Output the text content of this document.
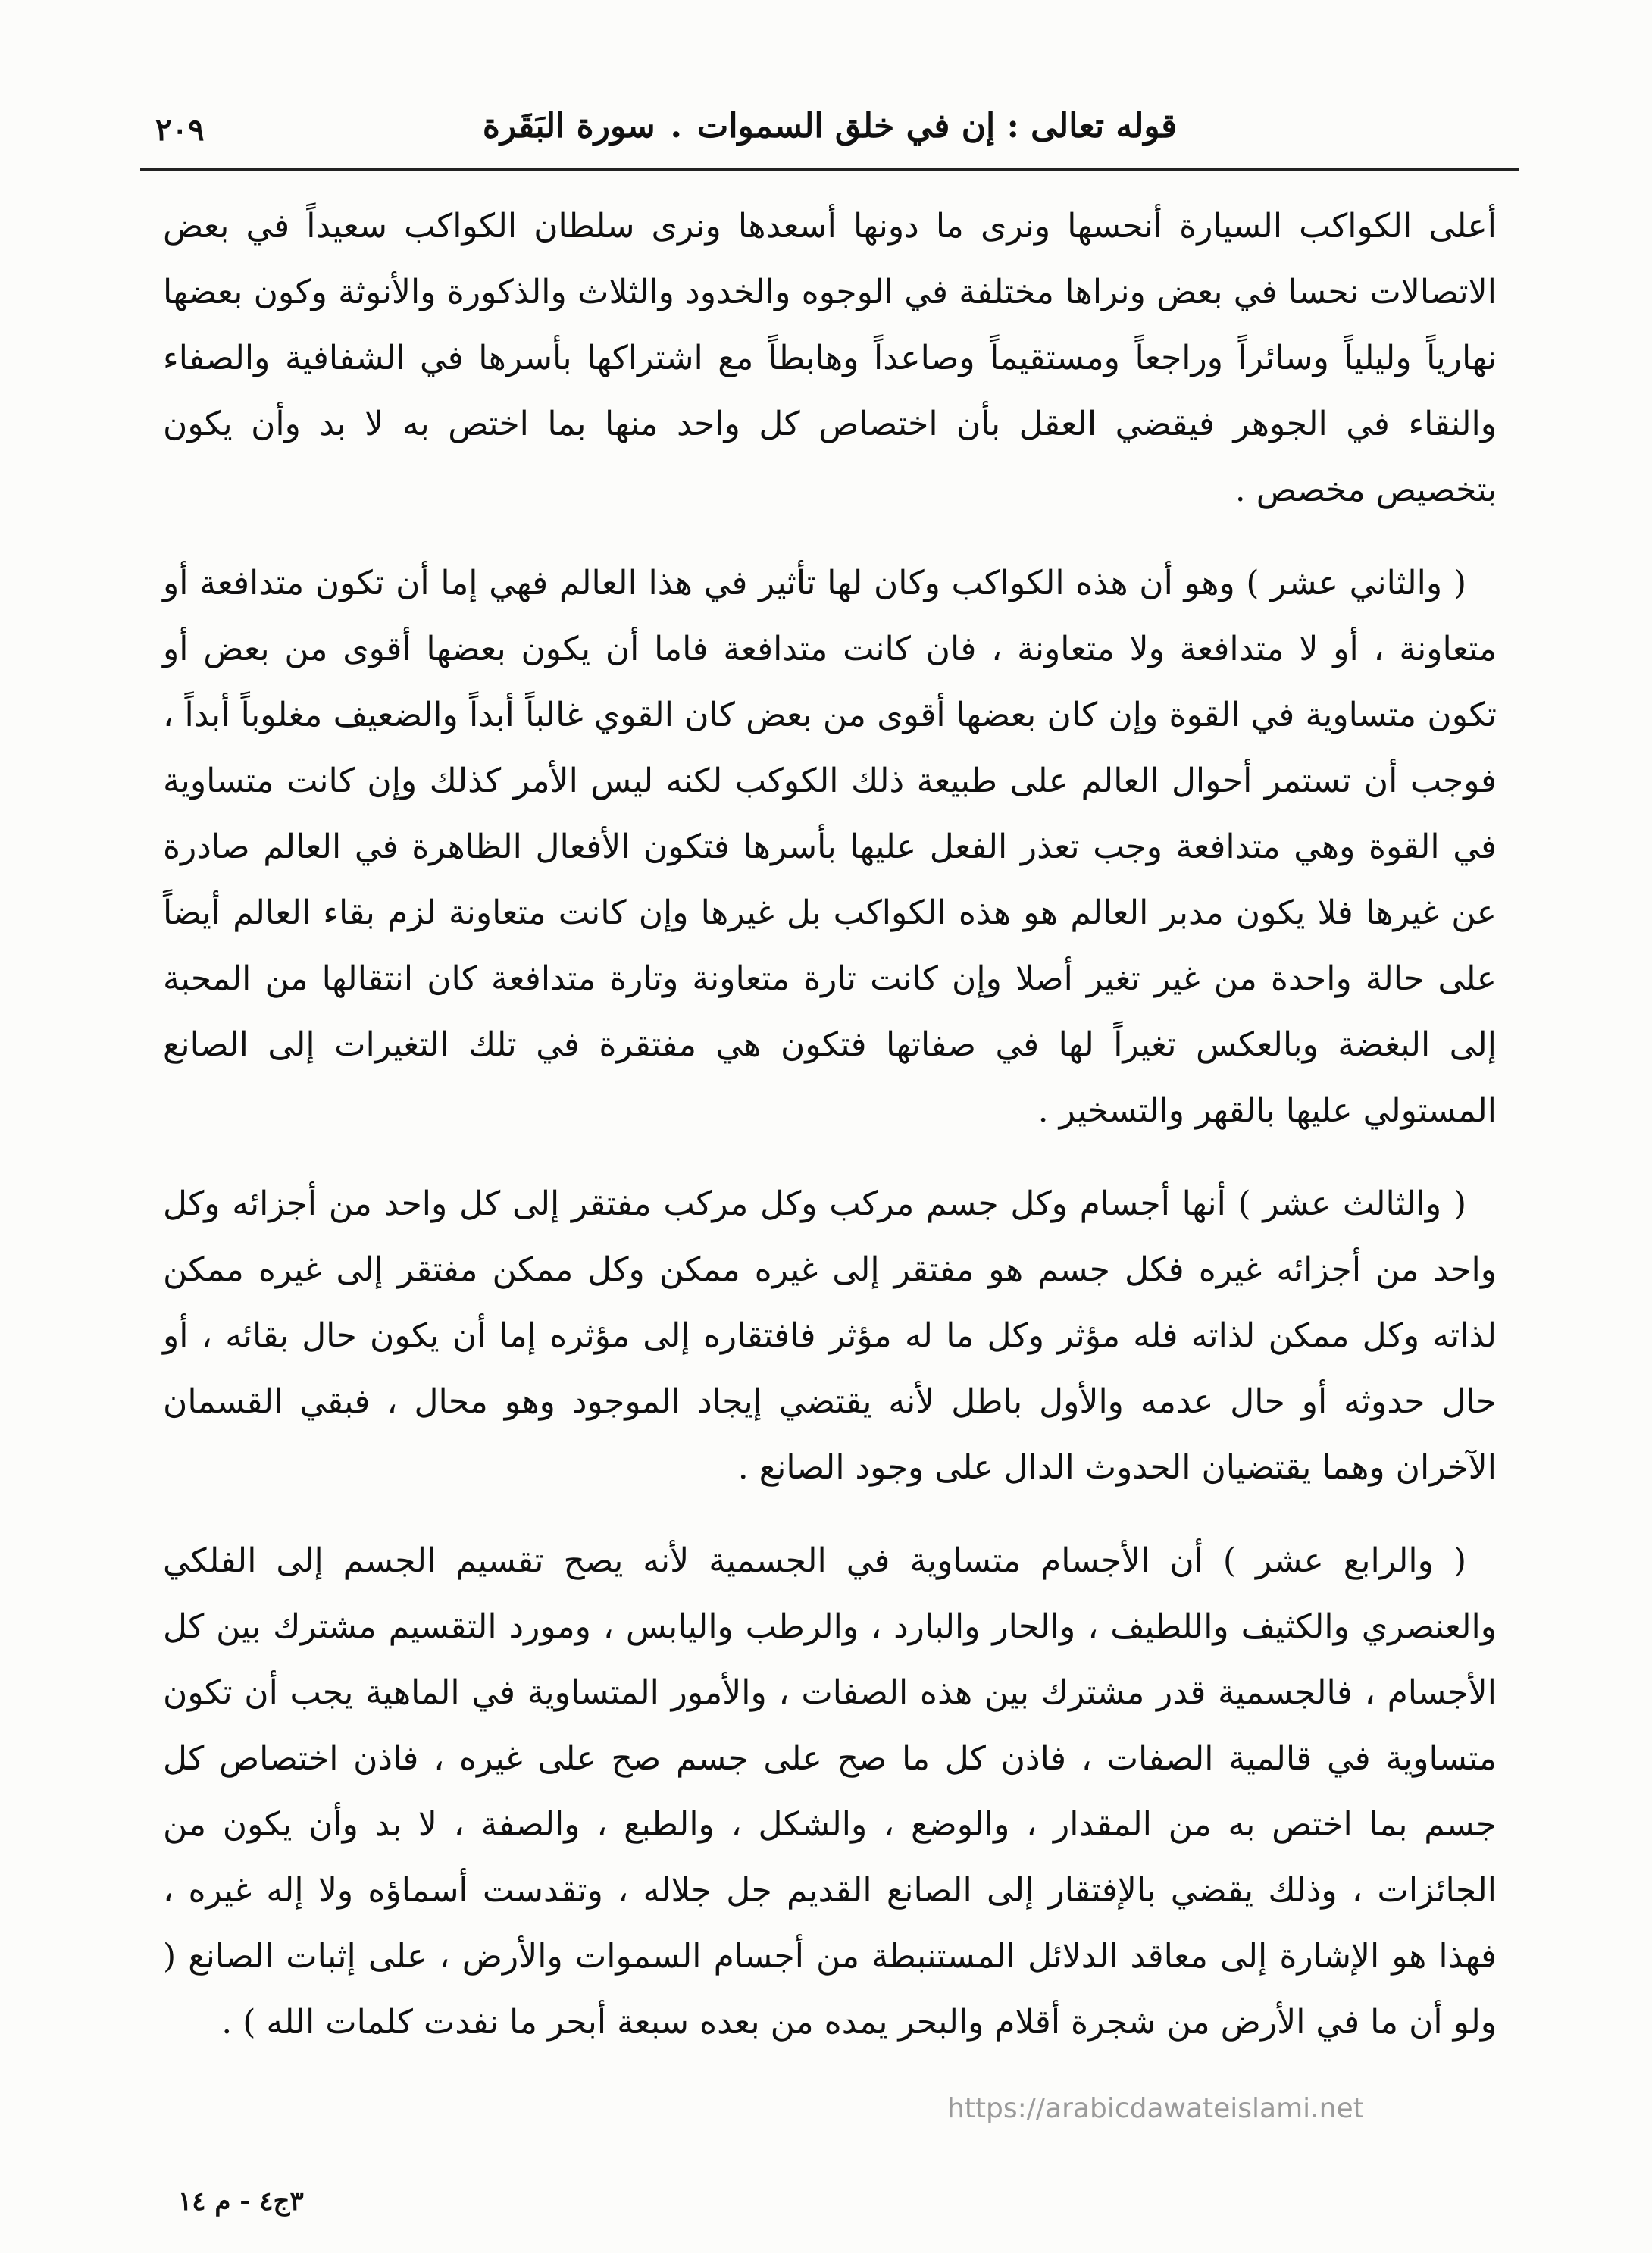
قوله تعالى : إن في خلق السموات.سورة البَقَرة
٢٠٩

أعلى الكواكب السيارة أنحسها ونرى ما دونها أسعدها ونرى سلطان الكواكب سعيداً في بعض الاتصالات نحسا في بعض ونراها مختلفة في الوجوه والخدود والثلاث والذكورة والأنوثة وكون بعضها نهارياً وليلياً وسائراً وراجعاً ومستقيماً وصاعداً وهابطاً مع اشتراكها بأسرها في الشفافية والصفاء والنقاء في الجوهر فيقضي العقل بأن اختصاص كل واحد منها بما اختص به لا بد وأن يكون بتخصيص مخصص .

( والثاني عشر ) وهو أن هذه الكواكب وكان لها تأثير في هذا العالم فهي إما أن تكون متدافعة أو متعاونة ، أو لا متدافعة ولا متعاونة ، فان كانت متدافعة فاما أن يكون بعضها أقوى من بعض أو تكون متساوية في القوة وإن كان بعضها أقوى من بعض كان القوي غالباً أبداً والضعيف مغلوباً أبداً ، فوجب أن تستمر أحوال العالم على طبيعة ذلك الكوكب لكنه ليس الأمر كذلك وإن كانت متساوية في القوة وهي متدافعة وجب تعذر الفعل عليها بأسرها فتكون الأفعال الظاهرة في العالم صادرة عن غيرها فلا يكون مدبر العالم هو هذه الكواكب بل غيرها وإن كانت متعاونة لزم بقاء العالم أيضاً على حالة واحدة من غير تغير أصلا وإن كانت تارة متعاونة وتارة متدافعة كان انتقالها من المحبة إلى البغضة وبالعكس تغيراً لها في صفاتها فتكون هي مفتقرة في تلك التغيرات إلى الصانع المستولي عليها بالقهر والتسخير .

( والثالث عشر ) أنها أجسام وكل جسم مركب وكل مركب مفتقر إلى كل واحد من أجزائه وكل واحد من أجزائه غيره فكل جسم هو مفتقر إلى غيره ممكن وكل ممكن مفتقر إلى غيره ممكن لذاته وكل ممكن لذاته فله مؤثر وكل ما له مؤثر فافتقاره إلى مؤثره إما أن يكون حال بقائه ، أو حال حدوثه أو حال عدمه والأول باطل لأنه يقتضي إيجاد الموجود وهو محال ، فبقي القسمان الآخران وهما يقتضيان الحدوث الدال على وجود الصانع .

( والرابع عشر ) أن الأجسام متساوية في الجسمية لأنه يصح تقسيم الجسم إلى الفلكي والعنصري والكثيف واللطيف ، والحار والبارد ، والرطب واليابس ، ومورد التقسيم مشترك بين كل الأجسام ، فالجسمية قدر مشترك بين هذه الصفات ، والأمور المتساوية في الماهية يجب أن تكون متساوية في قالمية الصفات ، فاذن كل ما صح على جسم صح على غيره ، فاذن اختصاص كل جسم بما اختص به من المقدار ، والوضع ، والشكل ، والطبع ، والصفة ، لا بد وأن يكون من الجائزات ، وذلك يقضي بالإفتقار إلى الصانع القديم جل جلاله ، وتقدست أسماؤه ولا إله غيره ، فهذا هو الإشارة إلى معاقد الدلائل المستنبطة من أجسام السموات والأرض ، على إثبات الصانع ( ولو أن ما في الأرض من شجرة أقلام والبحر يمده من بعده سبعة أبحر ما نفدت كلمات الله ) .

٣ج٤ - م ١٤
https://arabicdawateislami.net
